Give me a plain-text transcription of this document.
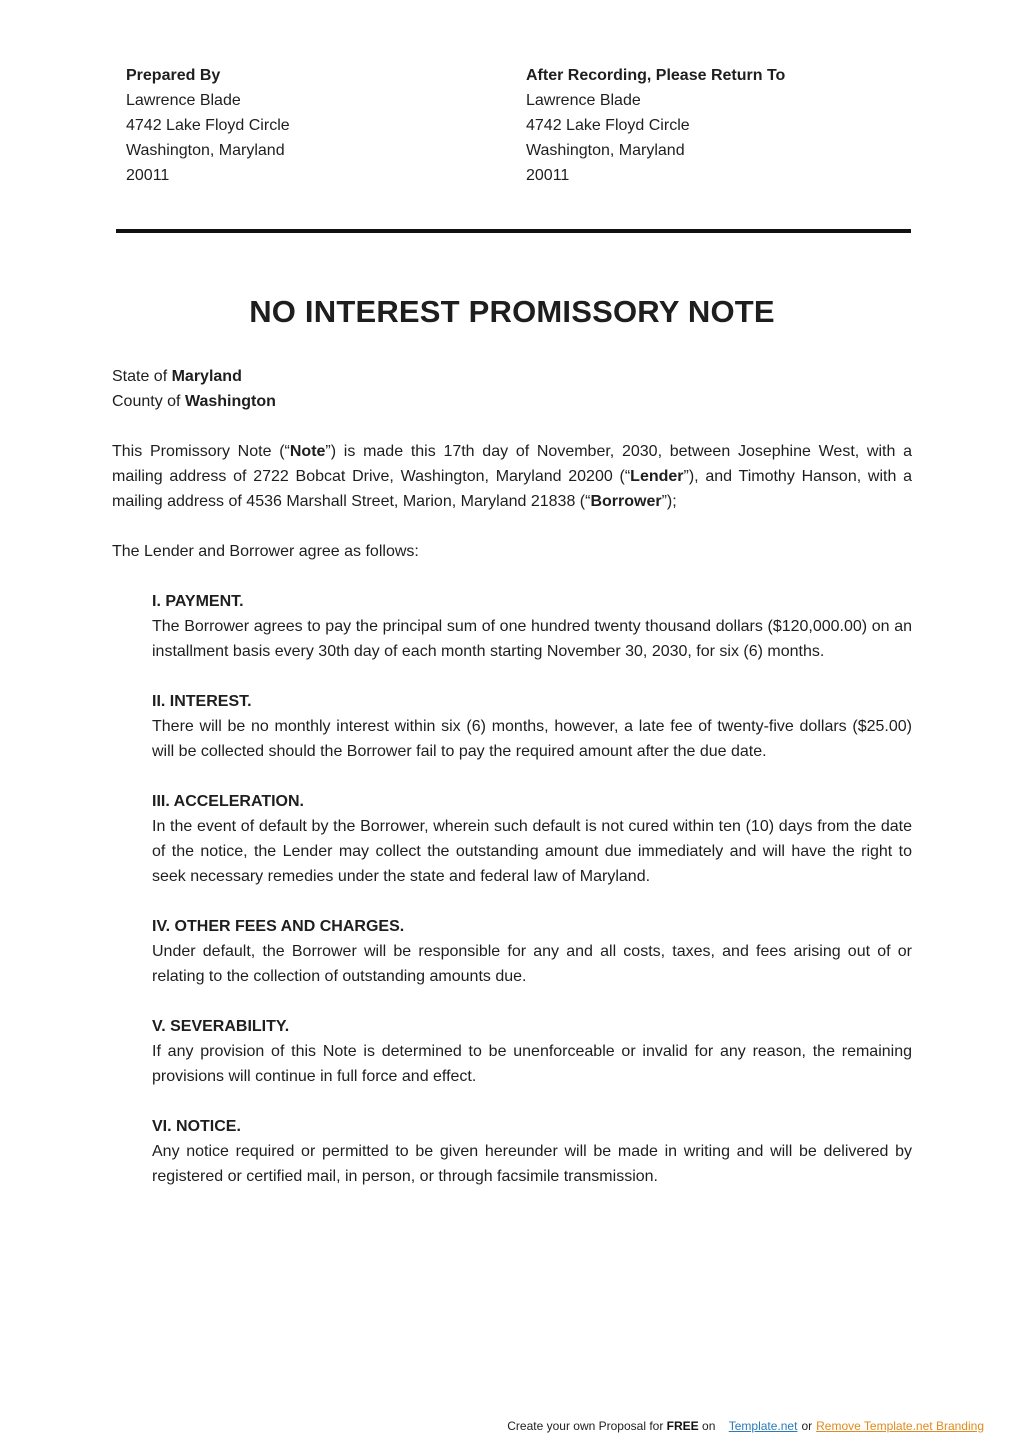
Prepared By
Lawrence Blade
4742 Lake Floyd Circle
Washington, Maryland
20011
After Recording, Please Return To
Lawrence Blade
4742 Lake Floyd Circle
Washington, Maryland
20011
NO INTEREST PROMISSORY NOTE
State of Maryland
County of Washington
This Promissory Note (“Note”) is made this 17th day of November, 2030, between Josephine West, with a mailing address of 2722 Bobcat Drive, Washington, Maryland 20200 (“Lender”), and Timothy Hanson, with a mailing address of 4536 Marshall Street, Marion, Maryland 21838 (“Borrower”);
The Lender and Borrower agree as follows:
I. PAYMENT.
The Borrower agrees to pay the principal sum of one hundred twenty thousand dollars ($120,000.00) on an installment basis every 30th day of each month starting November 30, 2030, for six (6) months.
II. INTEREST.
There will be no monthly interest within six (6) months, however, a late fee of twenty-five dollars ($25.00) will be collected should the Borrower fail to pay the required amount after the due date.
III. ACCELERATION.
In the event of default by the Borrower, wherein such default is not cured within ten (10) days from the date of the notice, the Lender may collect the outstanding amount due immediately and will have the right to seek necessary remedies under the state and federal law of Maryland.
IV. OTHER FEES AND CHARGES.
Under default, the Borrower will be responsible for any and all costs, taxes, and fees arising out of or relating to the collection of outstanding amounts due.
V. SEVERABILITY.
If any provision of this Note is determined to be unenforceable or invalid for any reason, the remaining provisions will continue in full force and effect.
VI. NOTICE.
Any notice required or permitted to be given hereunder will be made in writing and will be delivered by registered or certified mail, in person, or through facsimile transmission.
Create your own Proposal for FREE on Template.net or Remove Template.net Branding
